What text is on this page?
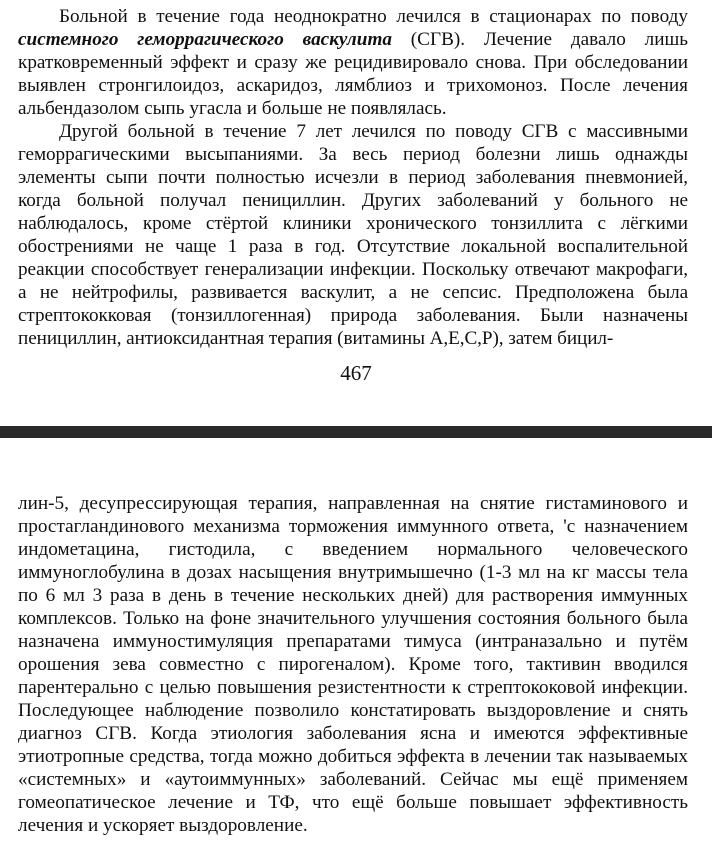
Больной в течение года неоднократно лечился в стационарах по поводу системного геморрагического васкулита (СГВ). Лечение давало лишь кратковременный эффект и сразу же рецидивировало снова. При обследовании выявлен стронгилоидоз, аскаридоз, лямблиоз и трихомоноз. После лечения альбендазолом сыпь угасла и больше не появлялась.

Другой больной в течение 7 лет лечился по поводу СГВ с массивными геморрагическими высыпаниями. За весь период болезни лишь однажды элементы сыпи почти полностью исчезли в период заболевания пневмонией, когда больной получал пенициллин. Других заболеваний у больного не наблюдалось, кроме стёртой клиники хронического тонзиллита с лёгкими обострениями не чаще 1 раза в год. Отсутствие локальной воспалительной реакции способствует генерализации инфекции. Поскольку отвечают макрофаги, а не нейтрофилы, развивается васкулит, а не сепсис. Предположена была стрептококковая (тонзиллогенная) природа заболевания. Были назначены пенициллин, антиоксидантная терапия (витамины А,Е,С,Р), затем бицил-

467

лин-5, десупрессирующая терапия, направленная на снятие гистаминового и простагландинового механизма торможения иммунного ответа, 'с назначением индометацина, гистодила, с введением нормального человеческого иммуноглобулина в дозах насыщения внутримышечно (1-3 мл на кг массы тела по 6 мл 3 раза в день в течение нескольких дней) для растворения иммунных комплексов. Только на фоне значительного улучшения состояния больного была назначена иммуностимуляция препаратами тимуса (интраназально и путём орошения зева совместно с пирогеналом). Кроме того, тактивин вводился парентерально с целью повышения резистентности к стрептококовой инфекции. Последующее наблюдение позволило констатировать выздоровление и снять диагноз СГВ. Когда этиология заболевания ясна и имеются эффективные этиотропные средства, тогда можно добиться эффекта в лечении так называемых «системных» и «аутоиммунных» заболеваний. Сейчас мы ещё применяем гомеопатическое лечение и ТФ, что ещё больше повышает эффективность лечения и ускоряет выздоровление.
